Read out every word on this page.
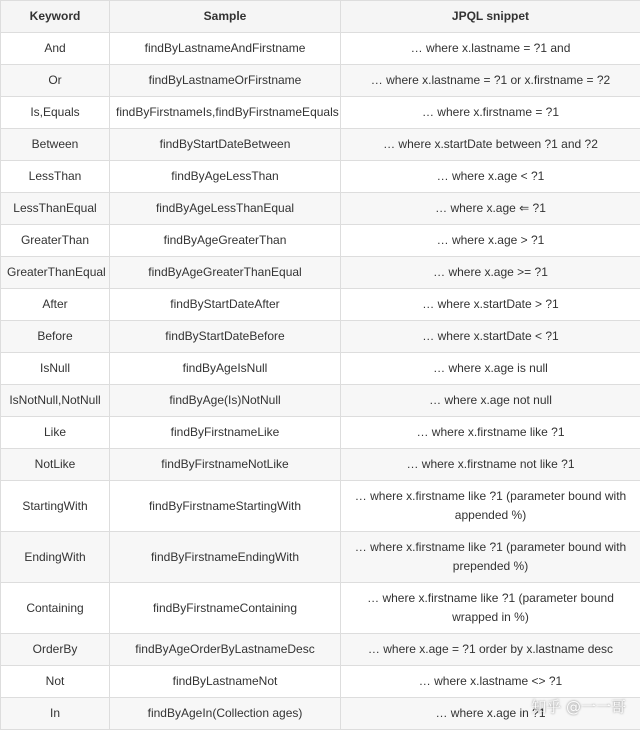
Keyword	Sample	JPQL snippet
And	findByLastnameAndFirstname	… where x.lastname = ?1 and
Or	findByLastnameOrFirstname	… where x.lastname = ?1 or x.firstname = ?2
Is,Equals	findByFirstnameIs,findByFirstnameEquals	… where x.firstname = ?1
Between	findByStartDateBetween	… where x.startDate between ?1 and ?2
LessThan	findByAgeLessThan	… where x.age < ?1
LessThanEqual	findByAgeLessThanEqual	… where x.age ⇐ ?1
GreaterThan	findByAgeGreaterThan	… where x.age > ?1
GreaterThanEqual	findByAgeGreaterThanEqual	… where x.age >= ?1
After	findByStartDateAfter	… where x.startDate > ?1
Before	findByStartDateBefore	… where x.startDate < ?1
IsNull	findByAgeIsNull	… where x.age is null
IsNotNull,NotNull	findByAge(Is)NotNull	… where x.age not null
Like	findByFirstnameLike	… where x.firstname like ?1
NotLike	findByFirstnameNotLike	… where x.firstname not like ?1
StartingWith	findByFirstnameStartingWith	… where x.firstname like ?1 (parameter bound with appended %)
EndingWith	findByFirstnameEndingWith	… where x.firstname like ?1 (parameter bound with prepended %)
Containing	findByFirstnameContaining	… where x.firstname like ?1 (parameter bound wrapped in %)
OrderBy	findByAgeOrderByLastnameDesc	… where x.age = ?1 order by x.lastname desc
Not	findByLastnameNot	… where x.lastname <> ?1
In	findByAgeIn(Collection ages)	… where x.age in ?1
知乎 @一一哥
